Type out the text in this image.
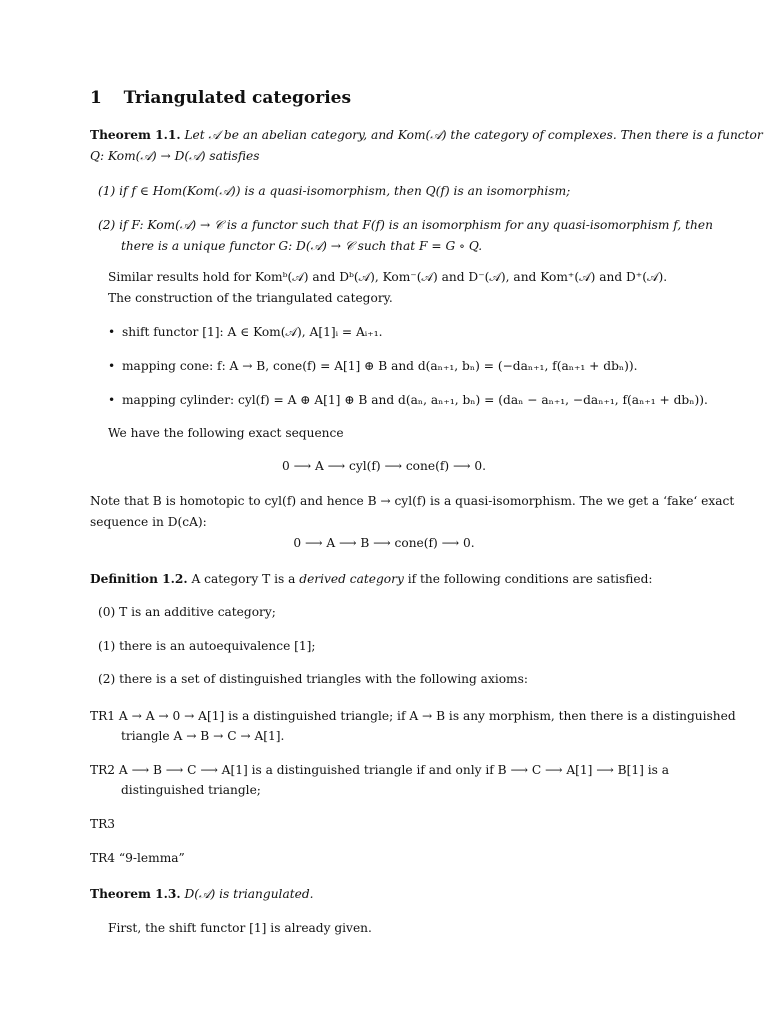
1 Triangulated categories
Theorem 1.1. Let 𝒜 be an abelian category, and Kom(𝒜) the category of complexes. Then there is a functor
Q: Kom(𝒜) → D(𝒜) satisfies
(1) if f ∈ Hom(Kom(𝒜)) is a quasi-isomorphism, then Q(f) is an isomorphism;
(2) if F: Kom(𝒜) → 𝒞 is a functor such that F(f) is an isomorphism for any quasi-isomorphism f, then
there is a unique functor G: D(𝒜) → 𝒞 such that F = G ∘ Q.
Similar results hold for Komᵇ(𝒜) and Dᵇ(𝒜), Kom⁻(𝒜) and D⁻(𝒜), and Kom⁺(𝒜) and D⁺(𝒜).
The construction of the triangulated category.
• shift functor [1]: A ∈ Kom(𝒜), A[1]ᵢ = Aᵢ₊₁.
• mapping cone: f: A → B, cone(f) = A[1] ⊕ B and d(aₙ₊₁, bₙ) = (−daₙ₊₁, f(aₙ₊₁ + dbₙ)).
• mapping cylinder: cyl(f) = A ⊕ A[1] ⊕ B and d(aₙ, aₙ₊₁, bₙ) = (daₙ − aₙ₊₁, −daₙ₊₁, f(aₙ₊₁ + dbₙ)).
We have the following exact sequence
0 ⟶ A ⟶ cyl(f) ⟶ cone(f) ⟶ 0.
Note that B is homotopic to cyl(f) and hence B → cyl(f) is a quasi-isomorphism. The we get a ‘fake‘ exact
sequence in D(cA):
0 ⟶ A ⟶ B ⟶ cone(f) ⟶ 0.
Definition 1.2. A category T is a derived category if the following conditions are satisfied:
(0) T is an additive category;
(1) there is an autoequivalence [1];
(2) there is a set of distinguished triangles with the following axioms:
TR1 A → A → 0 → A[1] is a distinguished triangle; if A → B is any morphism, then there is a distinguished
triangle A → B → C → A[1].
TR2 A ⟶ B ⟶ C ⟶ A[1] is a distinguished triangle if and only if B ⟶ C ⟶ A[1] ⟶ B[1] is a
distinguished triangle;
TR3
TR4 “9-lemma”
Theorem 1.3. D(𝒜) is triangulated.
First, the shift functor [1] is already given.
